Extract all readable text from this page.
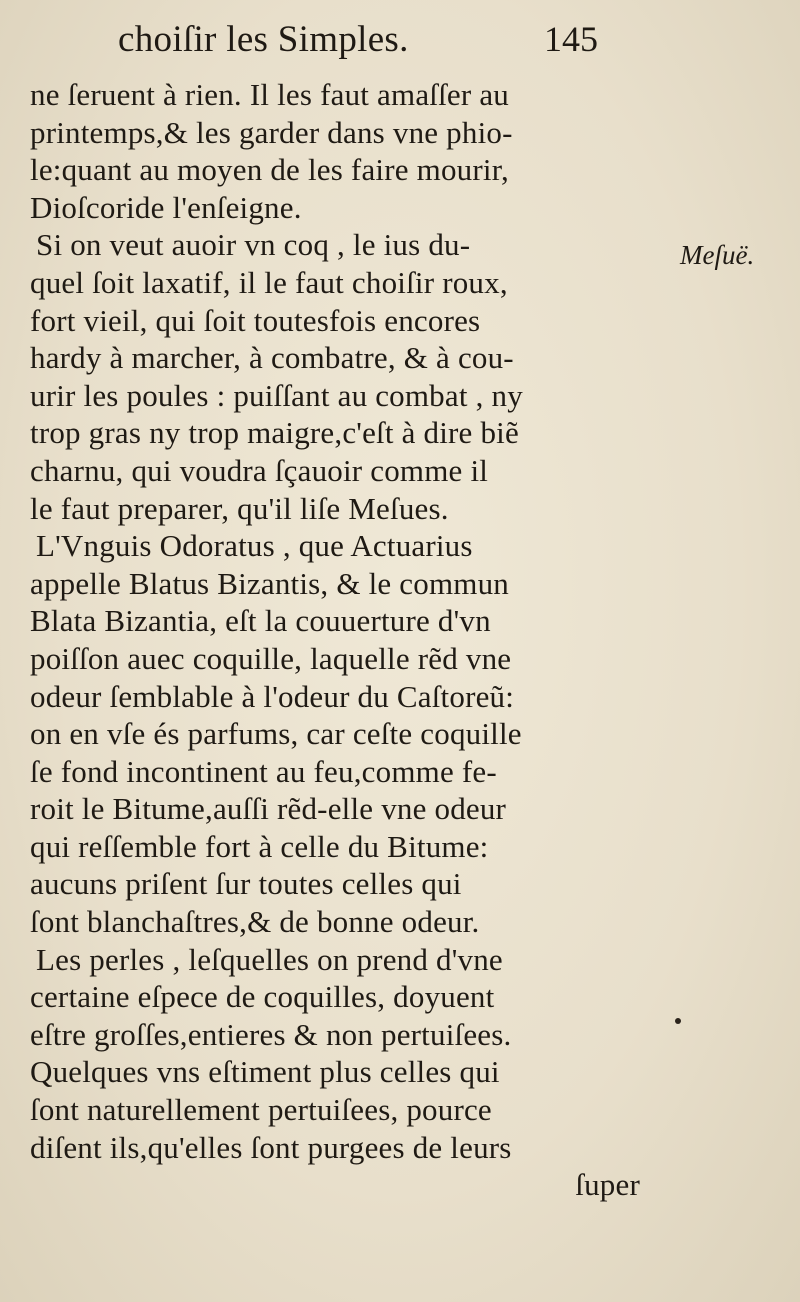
choiſir les Simples.	145
ne ſeruent à rien. Il les faut amaſſer au
printemps,& les garder dans vne phio-
le:quant au moyen de les faire mourir,
Dioſcoride l'enſeigne.
Si on veut auoir vn coq , le ius du-
quel ſoit laxatif, il le faut choiſir roux,
fort vieil, qui ſoit toutesfois encores
hardy à marcher, à combatre, & à cou-
urir les poules : puiſſant au combat , ny
trop gras ny trop maigre,c'eſt à dire biẽ
charnu, qui voudra ſçauoir comme il
le faut preparer, qu'il liſe Meſues.
L'Vnguis Odoratus , que Actuarius
appelle Blatus Bizantis, & le commun
Blata Bizantia, eſt la couuerture d'vn
poiſſon auec coquille, laquelle rẽd vne
odeur ſemblable à l'odeur du Caſtoreũ:
on en vſe és parfums, car ceſte coquille
ſe fond incontinent au feu,comme fe-
roit le Bitume,auſſi rẽd-elle vne odeur
qui reſſemble fort à celle du Bitume:
aucuns priſent ſur toutes celles qui
ſont blanchaſtres,& de bonne odeur.
Les perles , leſquelles on prend d'vne
certaine eſpece de coquilles, doyuent
eſtre groſſes,entieres & non pertuiſees.
Quelques vns eſtiment plus celles qui
ſont naturellement pertuiſees, pource
diſent ils,qu'elles ſont purgees de leurs
ſuper
Meſuë.
